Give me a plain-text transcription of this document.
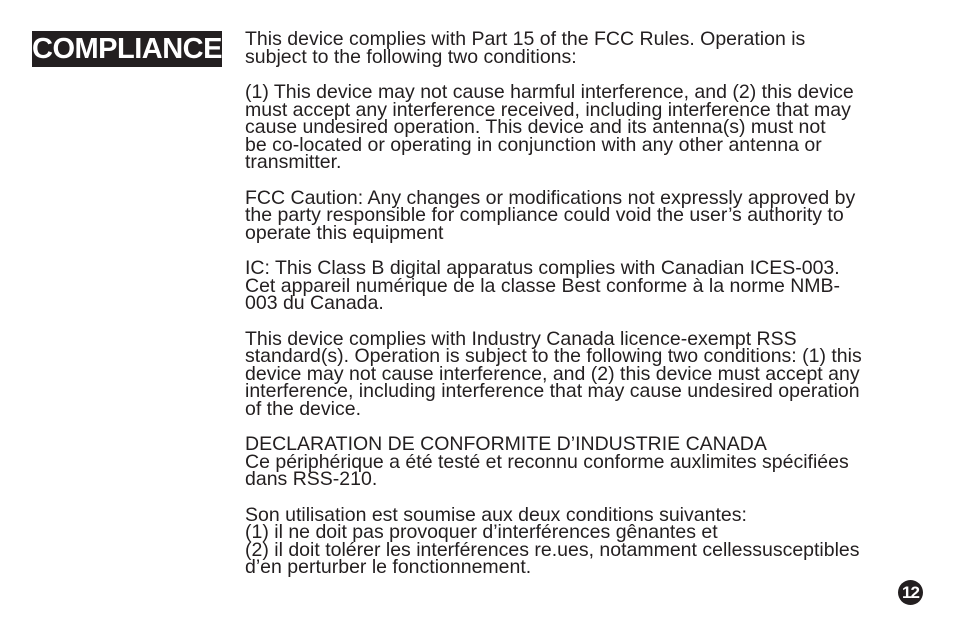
COMPLIANCE This device complies with Part 15 of the FCC Rules. Operation is
subject to the following two conditions:

(1) This device may not cause harmful interference, and (2) this device
must accept any interference received, including interference that may
cause undesired operation. This device and its antenna(s) must not
be co-located or operating in conjunction with any other antenna or
transmitter.

FCC Caution: Any changes or modifications not expressly approved by
the party responsible for compliance could void the user’s authority to
operate this equipment

IC: This Class B digital apparatus complies with Canadian ICES-003.
Cet appareil numérique de la classe Best conforme à la norme NMB-
003 du Canada.

This device complies with Industry Canada licence-exempt RSS
standard(s). Operation is subject to the following two conditions: (1) this
device may not cause interference, and (2) this device must accept any
interference, including interference that may cause undesired operation
of the device.

DECLARATION DE CONFORMITE D’INDUSTRIE CANADA
Ce périphérique a été testé et reconnu conforme auxlimites spécifiées
dans RSS-210.

Son utilisation est soumise aux deux conditions suivantes:
(1) il ne doit pas provoquer d’interférences gênantes et
(2) il doit tolérer les interférences re.ues, notamment cellessusceptibles
d’en perturber le fonctionnement.

12
